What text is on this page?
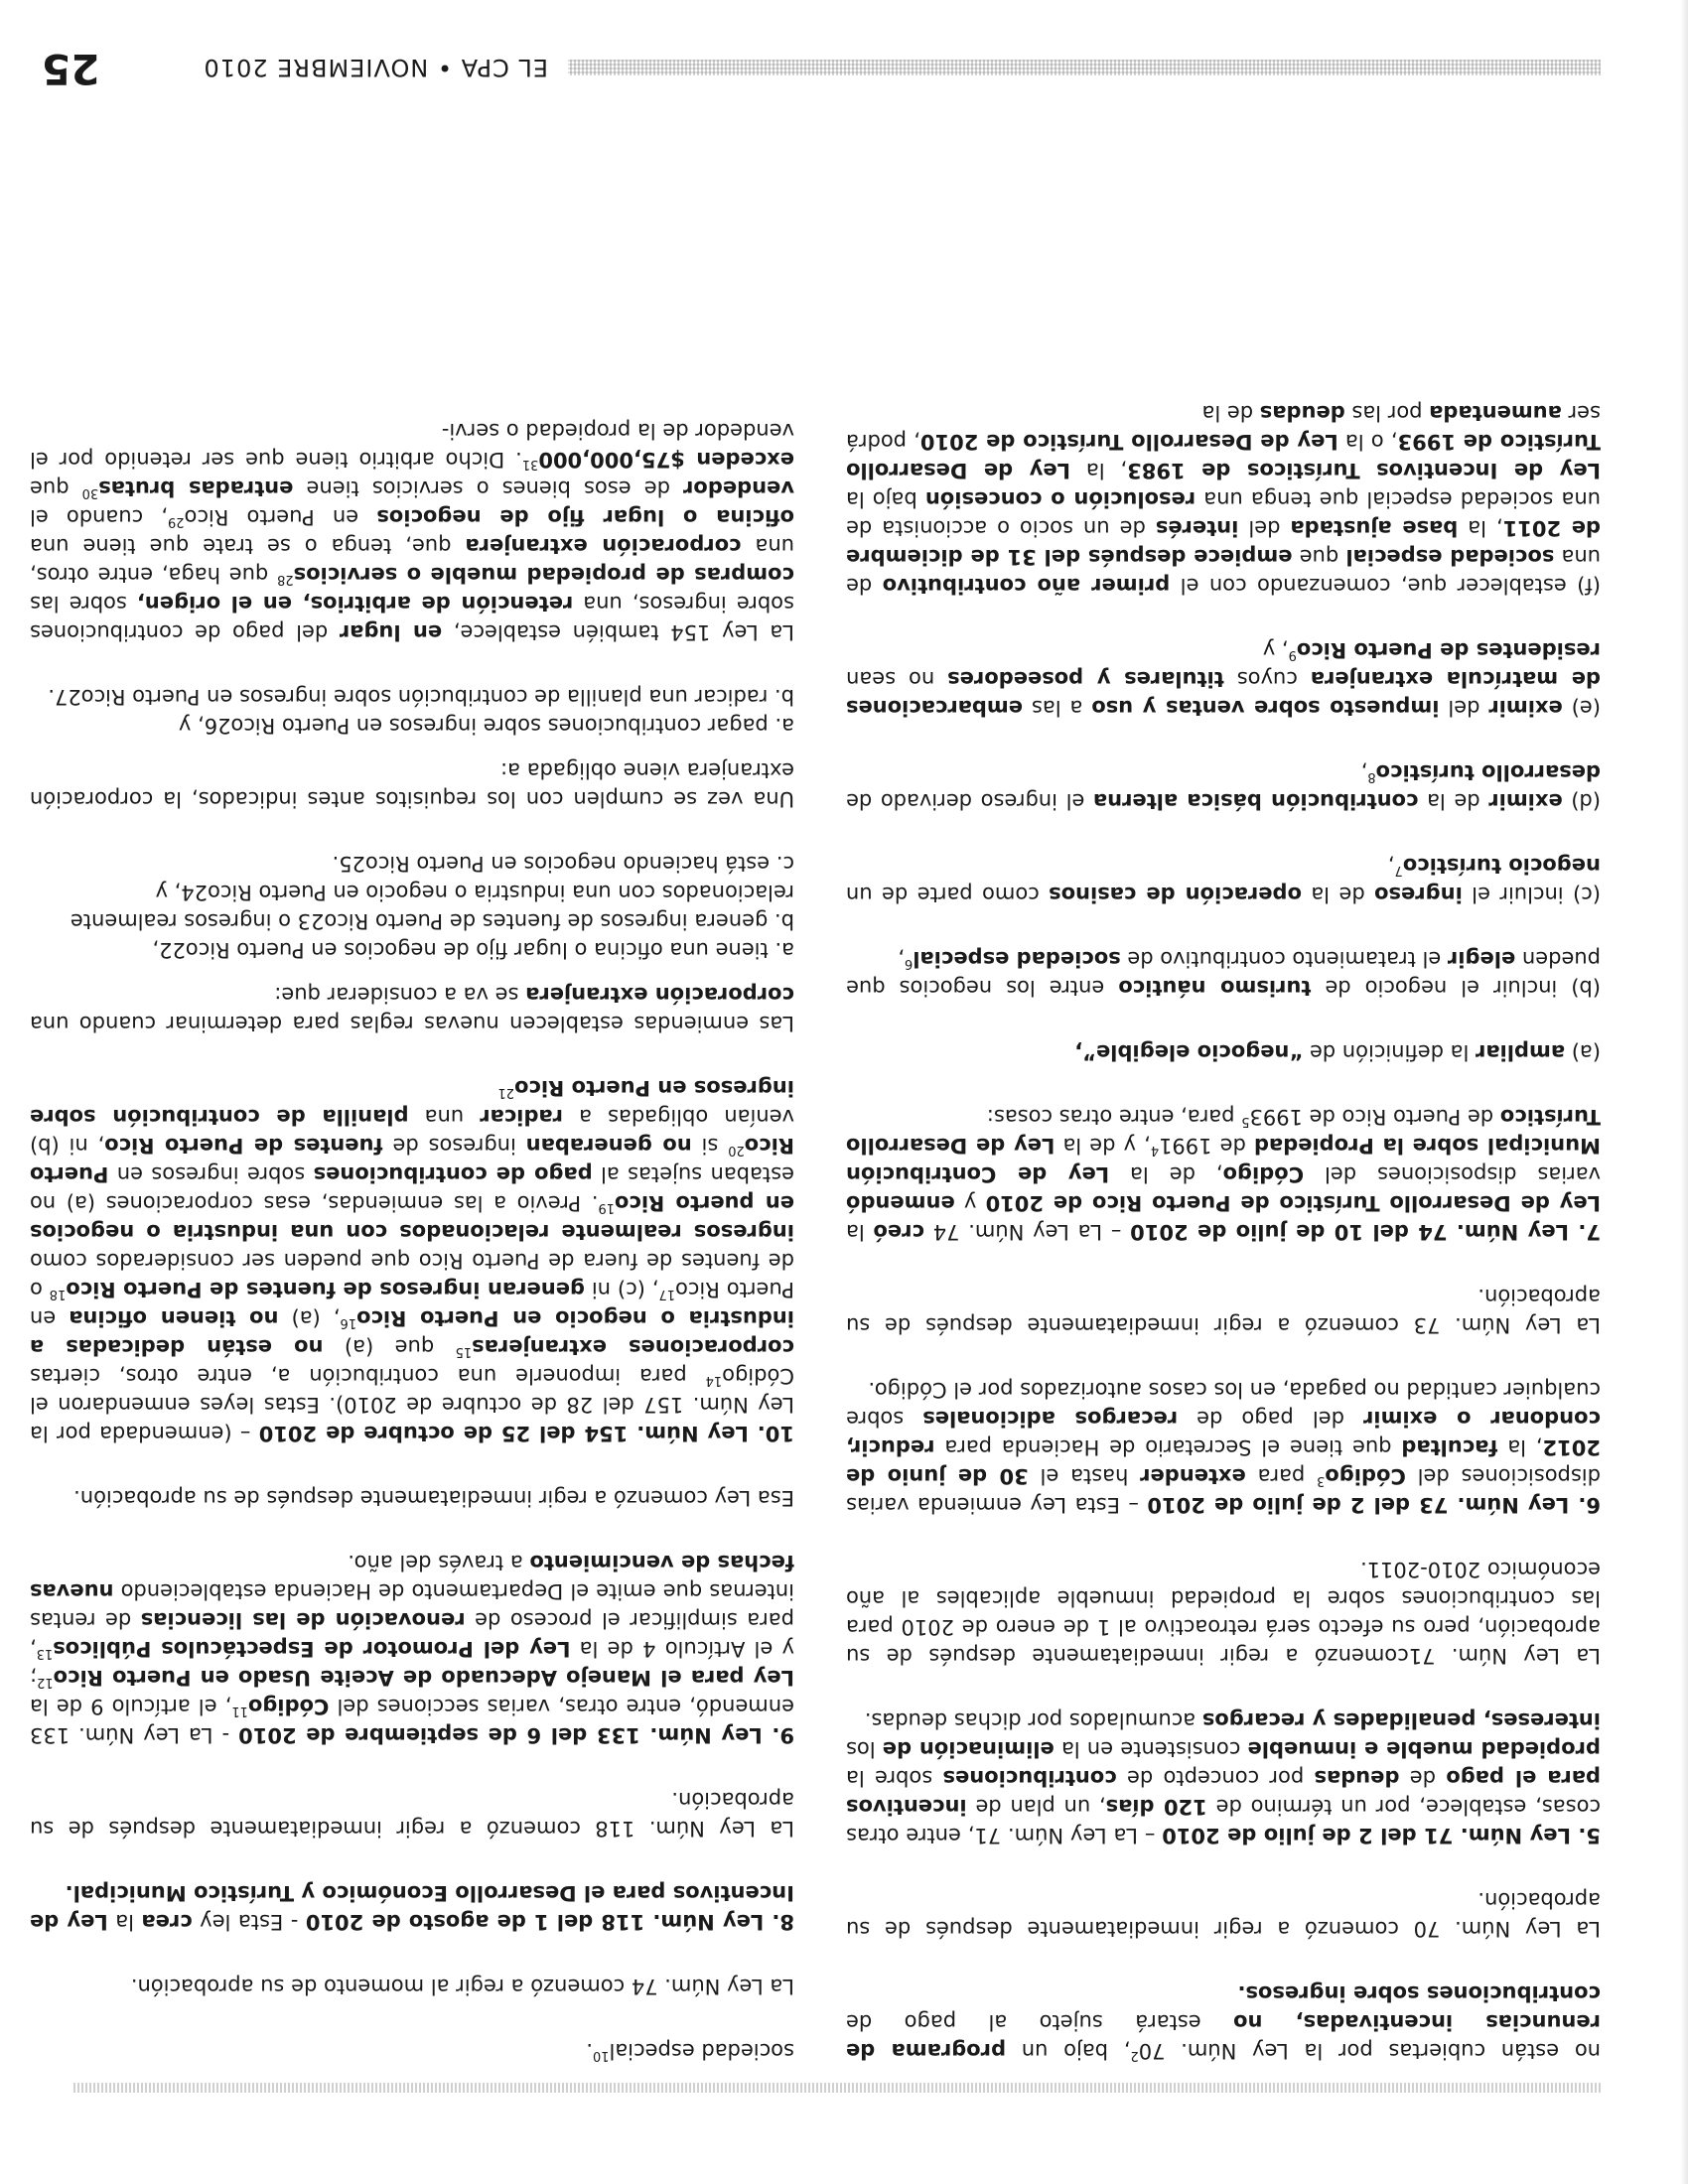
no están cubiertas por la Ley Núm. $70^2$, bajo un programa de renuncias incentivadas, no estará sujeto al pago de contribuciones sobre ingresos.

La Ley Núm. 70 comenzó a regir inmediatamente después de su aprobación.

5. Ley Núm. 71 del 2 de julio de 2010 – La Ley Núm. 71, entre otras cosas, establece, por un término de 120 días, un plan de incentivos para el pago de deudas por concepto de contribuciones sobre la propiedad mueble e inmueble consistente en la eliminación de los intereses, penalidades y recargos acumulados por dichas deudas.

La Ley Núm. 71comenzó a regir inmediatamente después de su aprobación, pero su efecto será retroactivo al 1 de enero de 2010 para las contribuciones sobre la propiedad inmueble aplicables al año económico 2010-2011.

6. Ley Núm. 73 del 2 de julio de 2010 – Esta Ley enmienda varias disposiciones del Código$^3$ para extender hasta el 30 de junio de 2012, la facultad que tiene el Secretario de Hacienda para reducir, condonar o eximir del pago de recargos adicionales sobre cualquier cantidad no pagada, en los casos autorizados por el Código.

La Ley Núm. 73 comenzó a regir inmediatamente después de su aprobación.

7. Ley Núm. 74 del 10 de julio de 2010 – La Ley Núm. 74 creó la Ley de Desarrollo Turístico de Puerto Rico de 2010 y enmendó varias disposiciones del Código, de la Ley de Contribución Municipal sobre la Propiedad de 1991$^4$, y de la Ley de Desarrollo Turístico de Puerto Rico de 1993$^5$ para, entre otras cosas:

(a) ampliar la definición de “negocio elegible”,

(b) incluir el negocio de turismo náutico entre los negocios que pueden elegir el tratamiento contributivo de sociedad especial$^6$,

(c) incluir el ingreso de la operación de casinos como parte de un negocio turístico$^7$,

(d) eximir de la contribución básica alterna el ingreso derivado de desarrollo turístico$^8$,

(e) eximir del impuesto sobre ventas y uso a las embarcaciones de matrícula extranjera cuyos titulares y poseedores no sean residentes de Puerto Rico$^9$, y

(f) establecer que, comenzando con el primer año contributivo de una sociedad especial que empiece después del 31 de diciembre de 2011, la base ajustada del interés de un socio o accionista de una sociedad especial que tenga una resolución o concesión bajo la Ley de Incentivos Turísticos de 1983, la Ley de Desarrollo Turístico de 1993, o la Ley de Desarrollo Turístico de 2010, podrá ser aumentada por las deudas de la

sociedad especial$^{10}$.

La Ley Núm. 74 comenzó a regir al momento de su aprobación.

8. Ley Núm. 118 del 1 de agosto de 2010 - Esta ley crea la Ley de Incentivos para el Desarrollo Económico y Turístico Municipal.

La Ley Núm. 118 comenzó a regir inmediatamente después de su aprobación.

9. Ley Núm. 133 del 6 de septiembre de 2010 - La Ley Núm. 133 enmendó, entre otras, varias secciones del Código$^{11}$, el artículo 9 de la Ley para el Manejo Adecuado de Aceite Usado en Puerto Rico$^{12}$; y el Artículo 4 de la Ley del Promotor de Espectáculos Públicos$^{13}$, para simplificar el proceso de renovación de las licencias de rentas internas que emite el Departamento de Hacienda estableciendo nuevas fechas de vencimiento a través del año.

Esa Ley comenzó a regir inmediatamente después de su aprobación.

10. Ley Núm. 154 del 25 de octubre de 2010 – (enmendada por la Ley Núm. 157 del 28 de octubre de 2010). Estas leyes enmendaron el Código$^{14}$ para imponerle una contribución a, entre otros, ciertas corporaciones extranjeras$^{15}$ que (a) no están dedicadas a industria o negocio en Puerto Rico$^{16}$, (a) no tienen oficina en Puerto Rico$^{17}$, (c) ni generan ingresos de fuentes de Puerto Rico$^{18}$ o de fuentes de fuera de Puerto Rico que pueden ser considerados como ingresos realmente relacionados con una industria o negocios en puerto Rico$^{19}$. Previo a las enmiendas, esas corporaciones (a) no estaban sujetas al pago de contribuciones sobre ingresos en Puerto Rico$^{20}$ si no generaban ingresos de fuentes de Puerto Rico, ni (b) venían obligadas a radicar una planilla de contribución sobre ingresos en Puerto Rico$^{21}$

Las enmiendas establecen nuevas reglas para determinar cuando una corporación extranjera se va a considerar que:

a. tiene una oficina o lugar fijo de negocios en Puerto Rico22,
b. genera ingresos de fuentes de Puerto Rico23 o ingresos realmente relacionados con una industria o negocio en Puerto Rico24, y
c. está haciendo negocios en Puerto Rico25.

Una vez se cumplen con los requisitos antes indicados, la corporación extranjera viene obligada a:

a. pagar contribuciones sobre ingresos en Puerto Rico26, y
b. radicar una planilla de contribución sobre ingresos en Puerto Rico27.

La Ley 154 también establece, en lugar del pago de contribuciones sobre ingresos, una retención de arbitrios, en el origen, sobre las compras de propiedad mueble o servicios$^{28}$ que haga, entre otros, una corporación extranjera que, tenga o se trate que tiene una oficina o lugar fijo de negocios en Puerto Rico$^{29}$, cuando el vendedor de esos bienes o servicios tiene entradas brutas$^{30}$ que exceden $75,000,000$^{31}$. Dicho arbitrio tiene que ser retenido por el vendedor de la propiedad o servi-

EL CPA • NOVIEMBRE 2010
25
